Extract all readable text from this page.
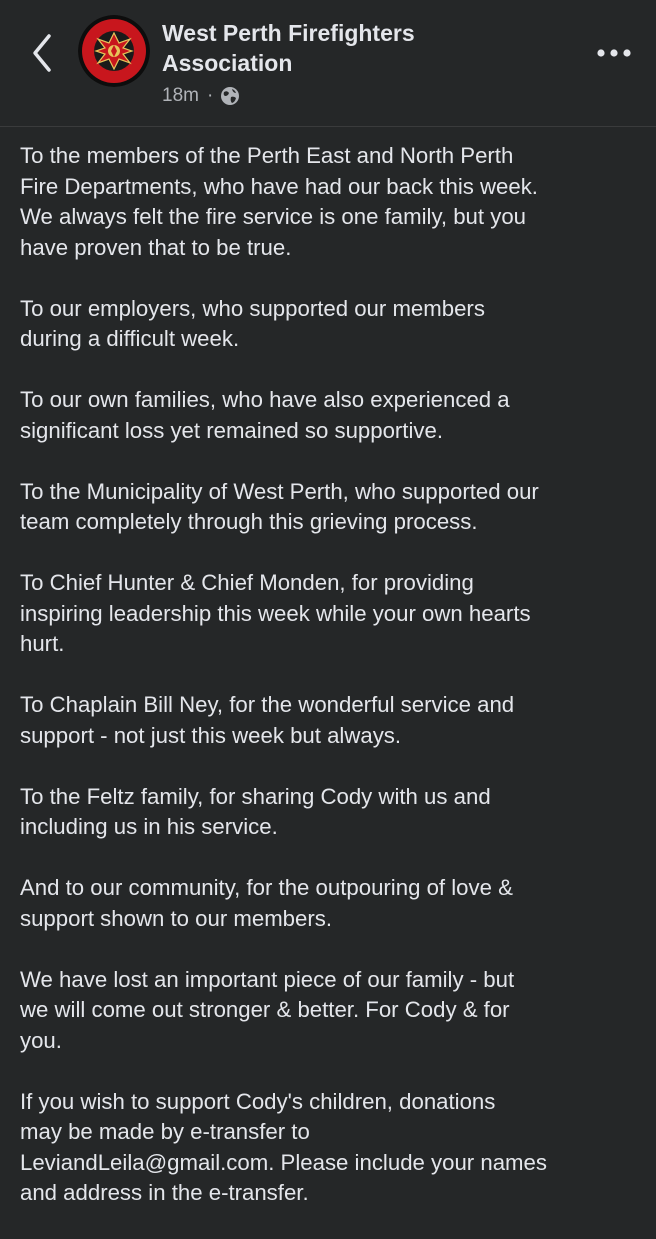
West Perth Firefighters Association
18m ·

To the members of the Perth East and North Perth
Fire Departments, who have had our back this week.
We always felt the fire service is one family, but you
have proven that to be true.

To our employers, who supported our members
during a difficult week.

To our own families, who have also experienced a
significant loss yet remained so supportive.

To the Municipality of West Perth, who supported our
team completely through this grieving process.

To Chief Hunter & Chief Monden, for providing
inspiring leadership this week while your own hearts
hurt.

To Chaplain Bill Ney, for the wonderful service and
support - not just this week but always.

To the Feltz family, for sharing Cody with us and
including us in his service.

And to our community, for the outpouring of love &
support shown to our members.

We have lost an important piece of our family - but
we will come out stronger & better. For Cody & for
you.

If you wish to support Cody's children, donations
may be made by e-transfer to
LeviandLeila@gmail.com. Please include your names
and address in the e-transfer.
